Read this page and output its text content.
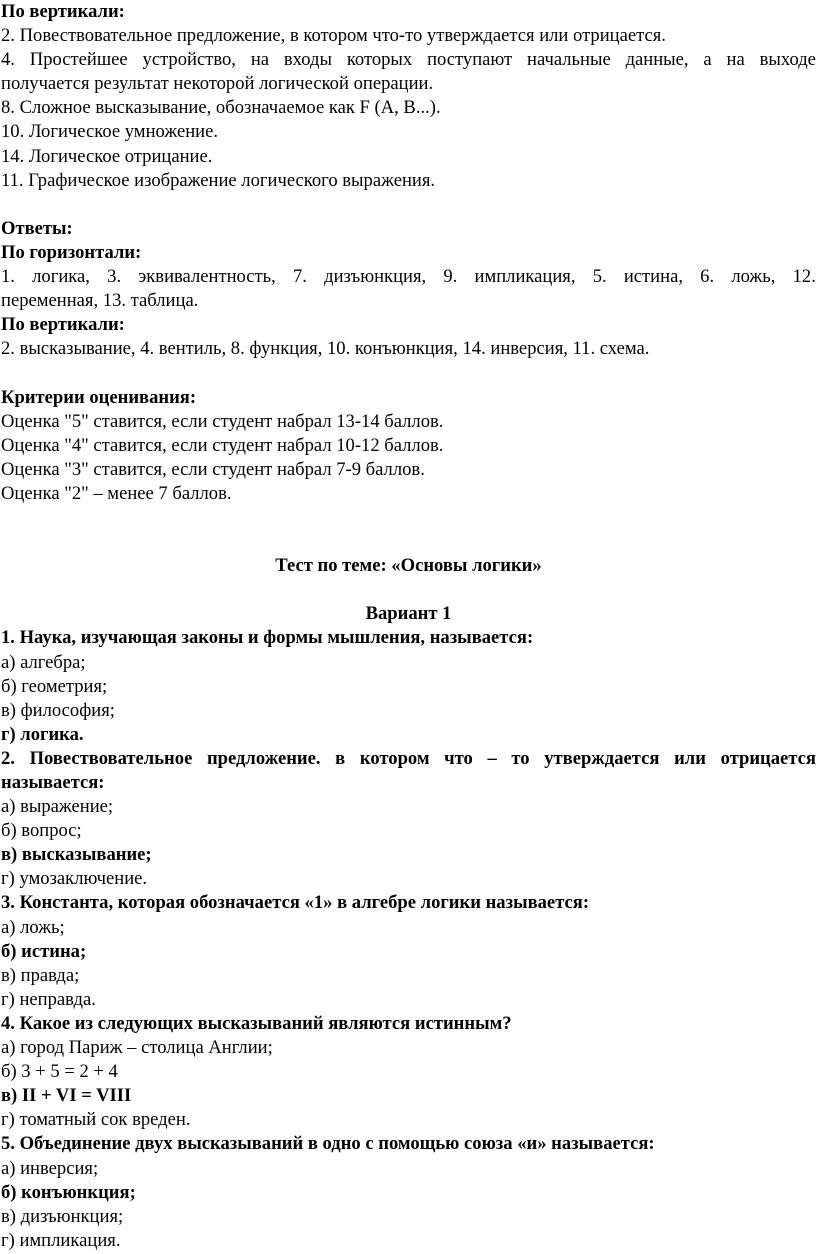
По вертикали:
2. Повествовательное предложение, в котором что-то утверждается или отрицается.
4. Простейшее устройство, на входы которых поступают начальные данные, а на выходе
получается результат некоторой логической операции.
8. Сложное высказывание, обозначаемое как F (A, B...).
10. Логическое умножение.
14. Логическое отрицание.
11. Графическое изображение логического выражения.
Ответы:
По горизонтали:
1. логика, 3. эквивалентность, 7. дизъюнкция, 9. импликация, 5. истина, 6. ложь, 12.
переменная, 13. таблица.
По вертикали:
2. высказывание, 4. вентиль, 8. функция, 10. конъюнкция, 14. инверсия, 11. схема.
Критерии оценивания:
Оценка "5" ставится, если студент набрал 13-14 баллов.
Оценка "4" ставится, если студент набрал 10-12 баллов.
Оценка "3" ставится, если студент набрал 7-9 баллов.
Оценка "2" – менее 7 баллов.
Тест по теме: «Основы логики»
Вариант 1
1. Наука, изучающая законы и формы мышления, называется:
а) алгебра;
б) геометрия;
в) философия;
г) логика.
2. Повествовательное предложение. в котором что – то утверждается или отрицается
называется:
а) выражение;
б) вопрос;
в) высказывание;
г) умозаключение.
3. Константа, которая обозначается «1» в алгебре логики называется:
а) ложь;
б) истина;
в) правда;
г) неправда.
4. Какое из следующих высказываний являются истинным?
а) город Париж – столица Англии;
б) 3 + 5 = 2 + 4
в) II + VI = VIII
г) томатный сок вреден.
5. Объединение двух высказываний в одно с помощью союза «и» называется:
а) инверсия;
б) конъюнкция;
в) дизъюнкция;
г) импликация.
